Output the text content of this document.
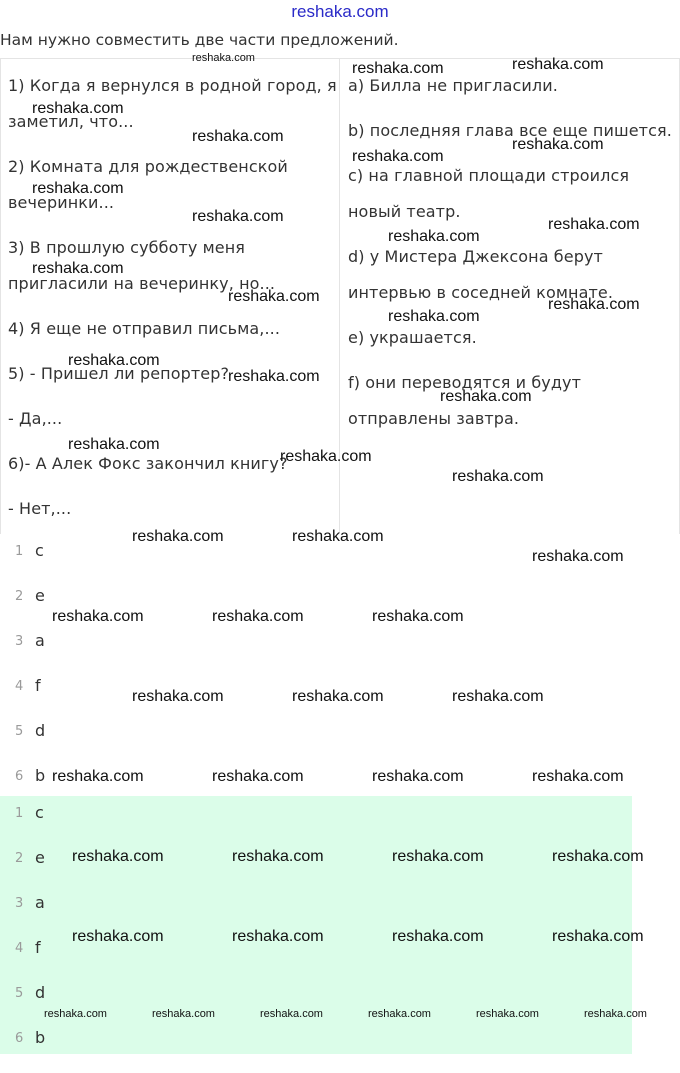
reshaka.com
Нам нужно совместить две части предложений.
1) Когда я вернулся в родной город, я
заметил, что...
2) Комната для рождественской
вечеринки...
3) В прошлую субботу меня
пригласили на вечеринку, но...
4) Я еще не отправил письма,...
5) - Пришел ли репортер?
- Да,...
6)- А Алек Фокс закончил книгу?
- Нет,...
a) Билла не пригласили.
b) последняя глава все еще пишется.
c) на главной площади строился
новый театр.
d) у Мистера Джексона берут
интервью в соседней комнате.
e) украшается.
f) они переводятся и будут
отправлены завтра.
1 c
2 e
3 a
4 f
5 d
6 b
1 c
2 e
3 a
4 f
5 d
6 b
reshaka.com
reshaka.com	reshaka.com
reshaka.com
reshaka.com	reshaka.com
reshaka.com
reshaka.com
reshaka.com	reshaka.com
reshaka.com
reshaka.com
reshaka.com	reshaka.com
reshaka.com
reshaka.com
reshaka.com
reshaka.com
reshaka.com
reshaka.com
reshaka.com
reshaka.com	reshaka.com
reshaka.com
reshaka.com	reshaka.com	reshaka.com
reshaka.com	reshaka.com	reshaka.com
reshaka.com	reshaka.com	reshaka.com	reshaka.com
reshaka.com	reshaka.com	reshaka.com	reshaka.com
reshaka.com	reshaka.com	reshaka.com	reshaka.com
reshaka.com	reshaka.com	reshaka.com	reshaka.com	reshaka.com	reshaka.com
